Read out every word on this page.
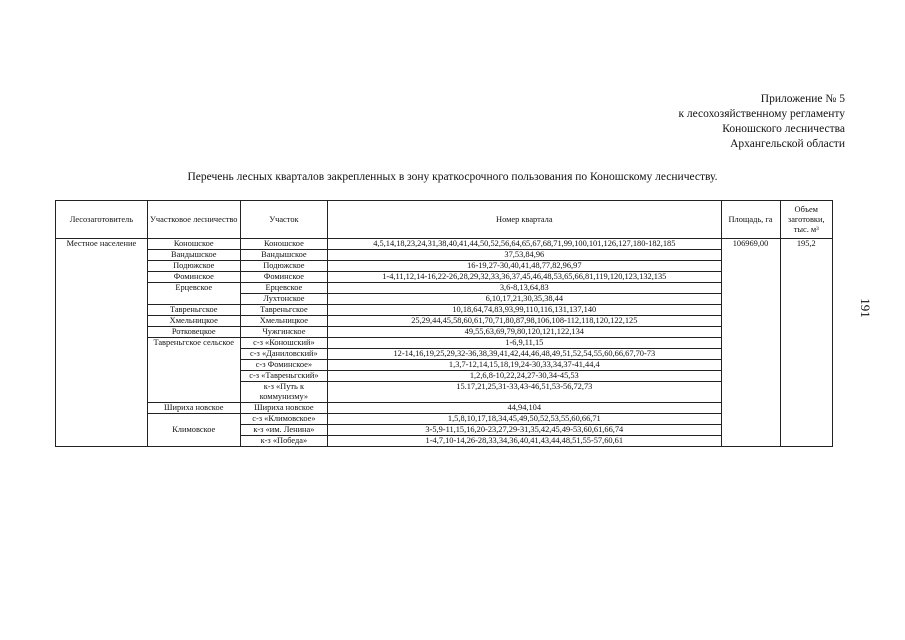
Приложение № 5
к лесохозяйственному регламенту
Коношского лесничества
Архангельской области
Перечень лесных кварталов закрепленных в зону краткосрочного пользования по Коношскому лесничеству.
191
Лесозаготовитель	Участковое лесничество	Участок	Номер квартала	Площадь, га	Объем заготовки, тыс. м³
Местное население	Коношское	Коношское	4,5,14,18,23,24,31,38,40,41,44,50,52,56,64,65,67,68,71,99,100,101,126,127,180-182,185	106969,00	195,2
	Вандышское	Вандышское	37,53,84,96		
	Подюжское	Подюжское	16-19,27-30,40,41,48,77,82,96,97		
	Фоминское	Фоминское	1-4,11,12,14-16,22-26,28,29,32,33,36,37,45,46,48,53,65,66,81,119,120,123,132,135		
	Ерцевское	Ерцевское	3,6-8,13,64,83		
		Лухтонское	6,10,17,21,30,35,38,44		
	Тавреньгское	Тавреньгское	10,18,64,74,83,93,99,110,116,131,137,140		
	Хмельницкое	Хмельницкое	25,29,44,45,58,60,61,70,71,80,87,98,106,108-112,118,120,122,125		
	Ротковецкое	Чужгинское	49,55,63,69,79,80,120,121,122,134		
	Тавреньгское сельское	с-з «Коношский»	1-6,9,11,15		
		с-з «Даниловский»	12-14,16,19,25,29,32-36,38,39,41,42,44,46,48,49,51,52,54,55,60,66,67,70-73		
		с-з Фоминское»	1,3,7-12,14,15,18,19,24-30,33,34,37-41,44,4		
		с-з «Тавреньгский»	1,2,6,8-10,22,24,27-30,34-45,53		
		к-з «Путь к коммунизму»	15.17,21,25,31-33,43-46,51,53-56,72,73		
	Шириха новское	Шириха новское	44,94,104		
	Климовское	с-з «Климовское»	1,5,8,10,17,18,34,45,49,50,52,53,55,60,66,71		
		к-з «им. Ленина»	3-5,9-11,15,16,20-23,27,29-31,35,42,45,49-53,60,61,66,74		
		к-з «Победа»	1-4,7,10-14,26-28,33,34,36,40,41,43,44,48,51,55-57,60,61		
